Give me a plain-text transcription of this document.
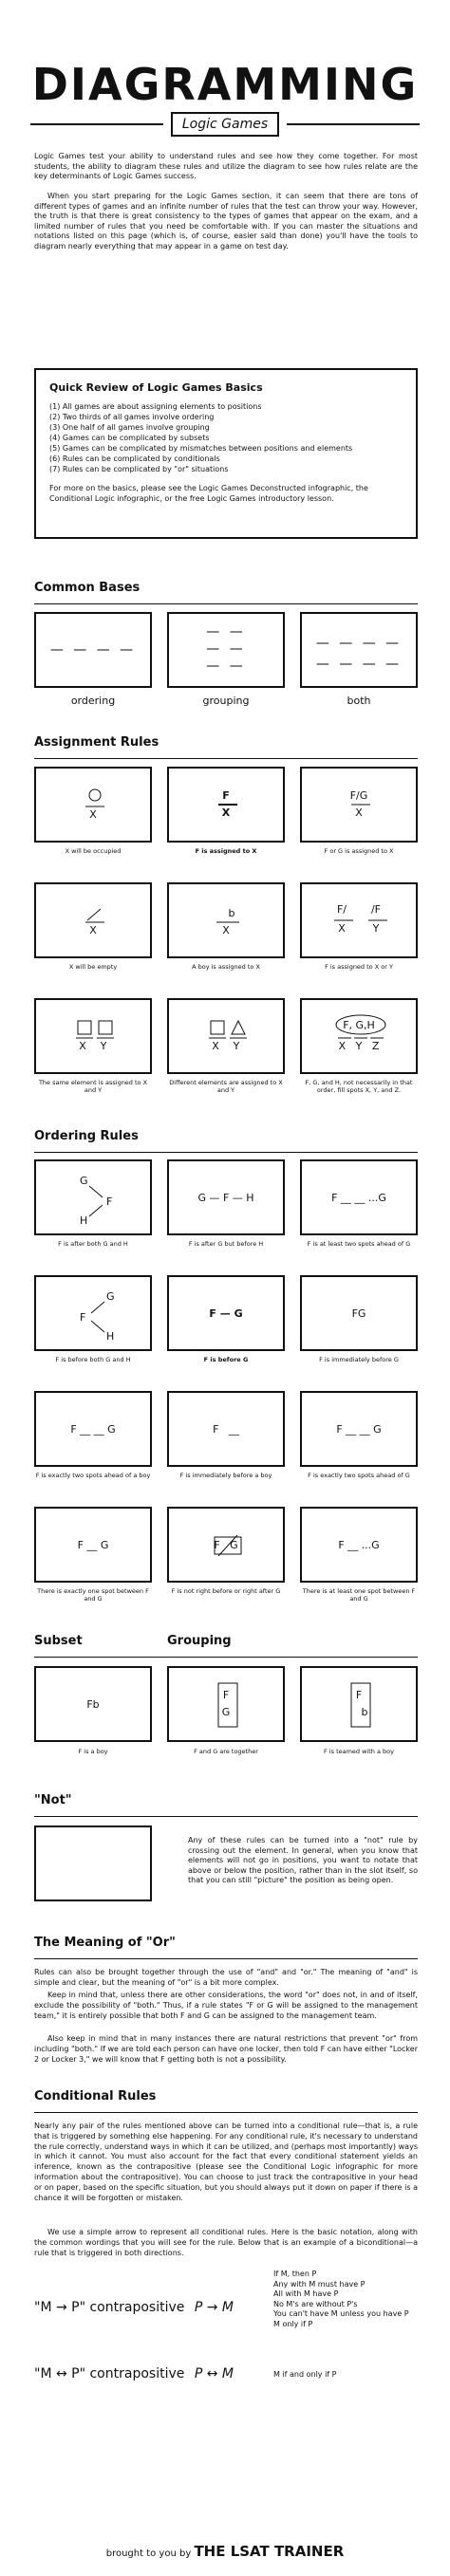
DIAGRAMMING
Logic Games

Logic Games test your ability to understand rules and see how they come together. For most students, the ability to diagram these rules and utilize the diagram to see how rules relate are the key determinants of Logic Games success.

When you start preparing for the Logic Games section, it can seem that there are tons of different types of games and an infinite number of rules that the test can throw your way. However, the truth is that there is great consistency to the types of games that appear on the exam, and a limited number of rules that you need be comfortable with. If you can master the situations and notations listed on this page (which is, of course, easier said than done) you'll have the tools to diagram nearly everything that may appear in a game on test day.

Quick Review of Logic Games Basics
(1) All games are about assigning elements to positions
(2) Two thirds of all games involve ordering
(3) One half of all games involve grouping
(4) Games can be complicated by subsets
(5) Games can be complicated by mismatches between positions and elements
(6) Rules can be complicated by conditionals
(7) Rules can be complicated by "or" situations

For more on the basics, please see the Logic Games Deconstructed infographic, the Conditional Logic infographic, or the free Logic Games introductory lesson.

Common Bases
— — — —
ordering
— —
— —
— —
grouping
— — — —
— — — —
both
Assignment Rules
X
X will be occupied
F
X
F is assigned to X
F/G
X
F or G is assigned to X
X
X will be empty
b
X
A boy is assigned to X
F/	/F
X	Y
F is assigned to X or Y
X	Y
The same element is assigned to X and Y
X	Y
Different elements are assigned to X and Y
F, G,H
X   Y   Z
F, G, and H, not necessarily in that order, fill spots X, Y, and Z.
Ordering Rules
G
F
H
F is after both G and H
G — F — H
F is after G but before H
F __ __ ...G
F is at least two spots ahead of G
F
G
H
F is before both G and H
F — G
F is before G
FG
F is immediately before G
F __ __ G
F is exactly two spots ahead of a boy
F   __
F is immediately before a boy
F __ __ G
F is exactly two spots ahead of G
F __ G
There is exactly one spot between F and G
F   G
F is not right before or right after G
F __ ...G
There is at least one spot between F and G
Subset	Grouping
Fb
F is a boy
F
G
F and G are together
F
b
F is teamed with a boy
"Not"

Any of these rules can be turned into a "not" rule by crossing out the element. In general, when you know that elements will not go in positions, you want to notate that above or below the position, rather than in the slot itself, so that you can still "picture" the position as being open.

The Meaning of "Or"

Rules can also be brought together through the use of "and" and "or." The meaning of "and" is simple and clear, but the meaning of "or" is a bit more complex.

Keep in mind that, unless there are other considerations, the word "or" does not, in and of itself, exclude the possibility of "both." Thus, if a rule states "F or G will be assigned to the management team," it is entirely possible that both F and G can be assigned to the management team.

Also keep in mind that in many instances there are natural restrictions that prevent "or" from including "both." If we are told each person can have one locker, then told F can have either "Locker 2 or Locker 3," we will know that F getting both is not a possibility.

Conditional Rules

Nearly any pair of the rules mentioned above can be turned into a conditional rule—that is, a rule that is triggered by something else happening. For any conditional rule, it's necessary to understand the rule correctly, understand ways in which it can be utilized, and (perhaps most importantly) ways in which it cannot. You must also account for the fact that every conditional statement yields an inference, known as the contrapositive (please see the Conditional Logic infographic for more information about the contrapositive). You can choose to just track the contrapositive in your head or on paper, based on the specific situation, but you should always put it down on paper if there is a chance it will be forgotten or mistaken.

We use a simple arrow to represent all conditional rules. Here is the basic notation, along with the common wordings that you will see for the rule. Below that is an example of a biconditional—a rule that is triggered in both directions.

"M → P" contrapositive P → M
If M, then P
Any with M must have P
All with M have P
No M's are without P's
You can't have M unless you have P
M only if P
"M ↔ P" contrapositive P ↔ M	M if and only if P
brought to you by THE LSAT TRAINER
